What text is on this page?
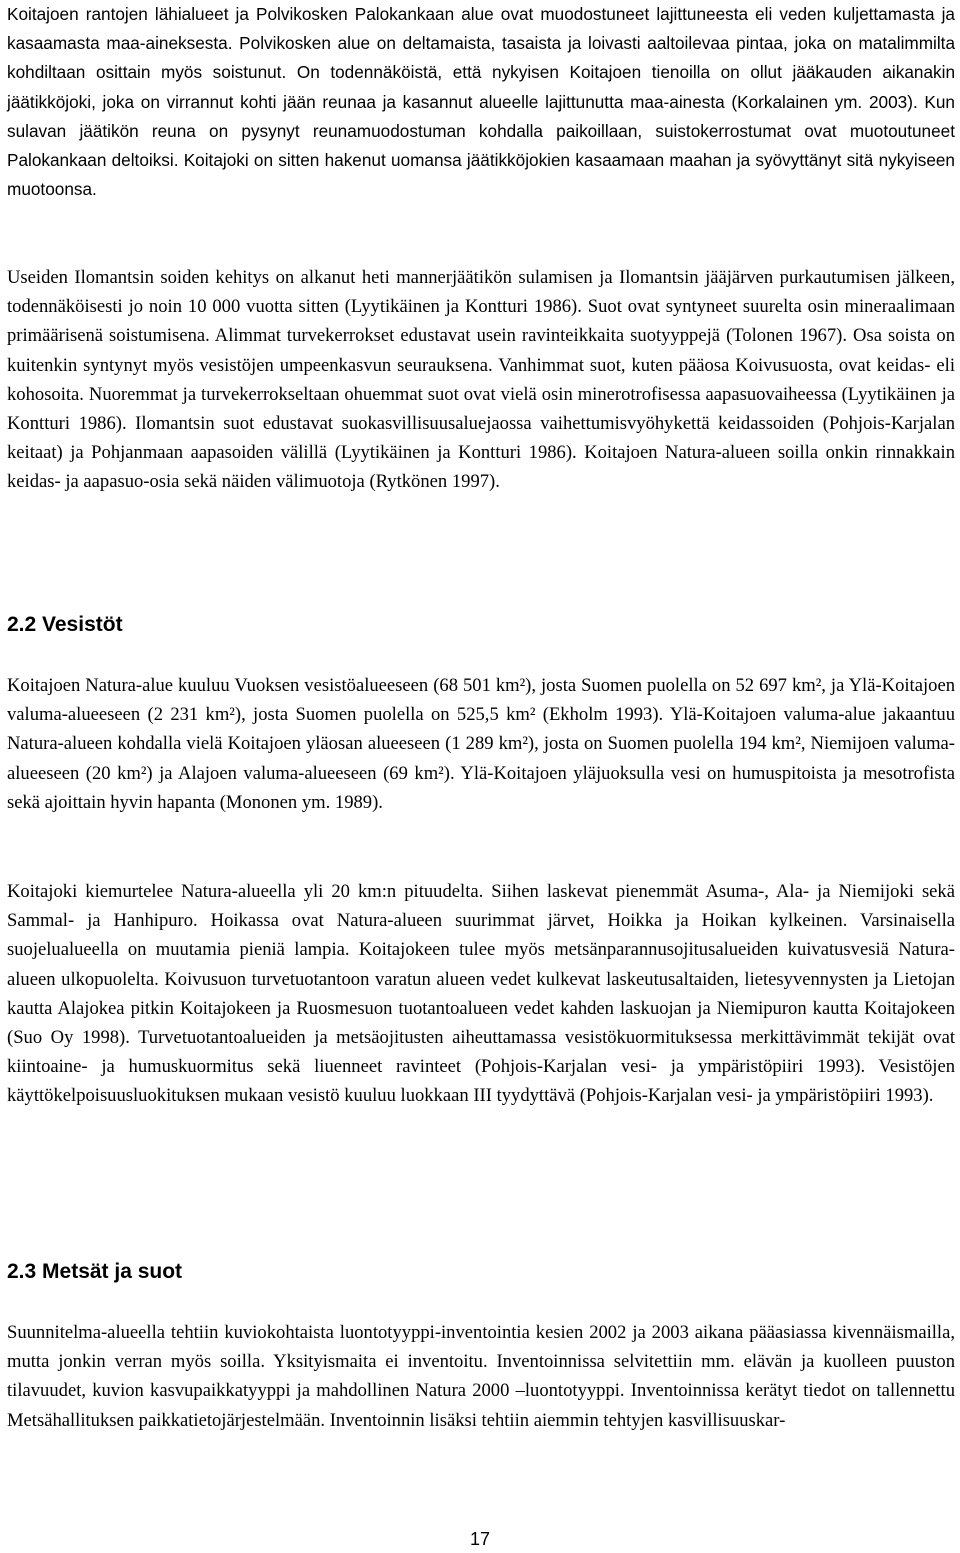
Koitajoen rantojen lähialueet ja Polvikosken Palokankaan alue ovat muodostuneet lajittuneesta eli veden kuljettamasta ja kasaamasta maa-aineksesta. Polvikosken alue on deltamaista, tasaista ja loivasti aaltoilevaa pintaa, joka on matalimmilta kohdiltaan osittain myös soistunut. On todennäköistä, että nykyisen Koitajoen tienoilla on ollut jääkauden aikanakin jäätikköjoki, joka on virrannut kohti jään reunaa ja kasannut alueelle lajittunutta maa-ainesta (Korkalainen ym. 2003). Kun sulavan jäätikön reuna on pysynyt reunamuodostuman kohdalla paikoillaan, suistokerrostumat ovat muotoutuneet Palokankaan deltoiksi. Koitajoki on sitten hakenut uomansa jäätikköjokien kasaamaan maahan ja syövyttänyt sitä nykyiseen muotoonsa.

Useiden Ilomantsin soiden kehitys on alkanut heti mannerjäätikön sulamisen ja Ilomantsin jääjärven purkautumisen jälkeen, todennäköisesti jo noin 10 000 vuotta sitten (Lyytikäinen ja Kontturi 1986). Suot ovat syntyneet suurelta osin mineraalimaan primäärisenä soistumisena. Alimmat turvekerrokset edustavat usein ravinteikkaita suotyyppejä (Tolonen 1967). Osa soista on kuitenkin syntynyt myös vesistöjen umpeenkasvun seurauksena. Vanhimmat suot, kuten pääosa Koivusuosta, ovat keidas- eli kohosoita. Nuoremmat ja turvekerrokseltaan ohuemmat suot ovat vielä osin minerotrofisessa aapasuovaiheessa (Lyytikäinen ja Kontturi 1986). Ilomantsin suot edustavat suokasvillisuusaluejaossa vaihettumisvyöhykettä keidassoiden (Pohjois-Karjalan keitaat) ja Pohjanmaan aapasoiden välillä (Lyytikäinen ja Kontturi 1986). Koitajoen Natura-alueen soilla onkin rinnakkain keidas- ja aapasuo-osia sekä näiden välimuotoja (Rytkönen 1997).

2.2 Vesistöt

Koitajoen Natura-alue kuuluu Vuoksen vesistöalueeseen (68 501 km²), josta Suomen puolella on 52 697 km², ja Ylä-Koitajoen valuma-alueeseen (2 231 km²), josta Suomen puolella on 525,5 km² (Ekholm 1993). Ylä-Koitajoen valuma-alue jakaantuu Natura-alueen kohdalla vielä Koitajoen yläosan alueeseen (1 289 km²), josta on Suomen puolella 194 km², Niemijoen valuma-alueeseen (20 km²) ja Alajoen valuma-alueeseen (69 km²). Ylä-Koitajoen yläjuoksulla vesi on humuspitoista ja mesotrofista sekä ajoittain hyvin hapanta (Mononen ym. 1989).

Koitajoki kiemurtelee Natura-alueella yli 20 km:n pituudelta. Siihen laskevat pienemmät Asuma-, Ala- ja Niemijoki sekä Sammal- ja Hanhipuro. Hoikassa ovat Natura-alueen suurimmat järvet, Hoikka ja Hoikan kylkeinen. Varsinaisella suojelualueella on muutamia pieniä lampia. Koitajokeen tulee myös metsänparannusojitusalueiden kuivatusvesiä Natura-alueen ulkopuolelta. Koivusuon turvetuotantoon varatun alueen vedet kulkevat laskeutusaltaiden, lietesyvennysten ja Lietojan kautta Alajokea pitkin Koitajokeen ja Ruosmesuon tuotantoalueen vedet kahden laskuojan ja Niemipuron kautta Koitajokeen (Suo Oy 1998). Turvetuotantoalueiden ja metsäojitusten aiheuttamassa vesistökuormituksessa merkittävimmät tekijät ovat kiintoaine- ja humuskuormitus sekä liuenneet ravinteet (Pohjois-Karjalan vesi- ja ympäristöpiiri 1993). Vesistöjen käyttökelpoisuusluokituksen mukaan vesistö kuuluu luokkaan III tyydyttävä (Pohjois-Karjalan vesi- ja ympäristöpiiri 1993).

2.3 Metsät ja suot

Suunnitelma-alueella tehtiin kuviokohtaista luontotyyppi-inventointia kesien 2002 ja 2003 aikana pääasiassa kivennäismailla, mutta jonkin verran myös soilla. Yksityismaita ei inventoitu. Inventoinnissa selvitettiin mm. elävän ja kuolleen puuston tilavuudet, kuvion kasvupaikkatyyppi ja mahdollinen Natura 2000 –luontotyyppi. Inventoinnissa kerätyt tiedot on tallennettu Metsähallituksen paikkatietojärjestelmään. Inventoinnin lisäksi tehtiin aiemmin tehtyjen kasvillisuuskar-

17
